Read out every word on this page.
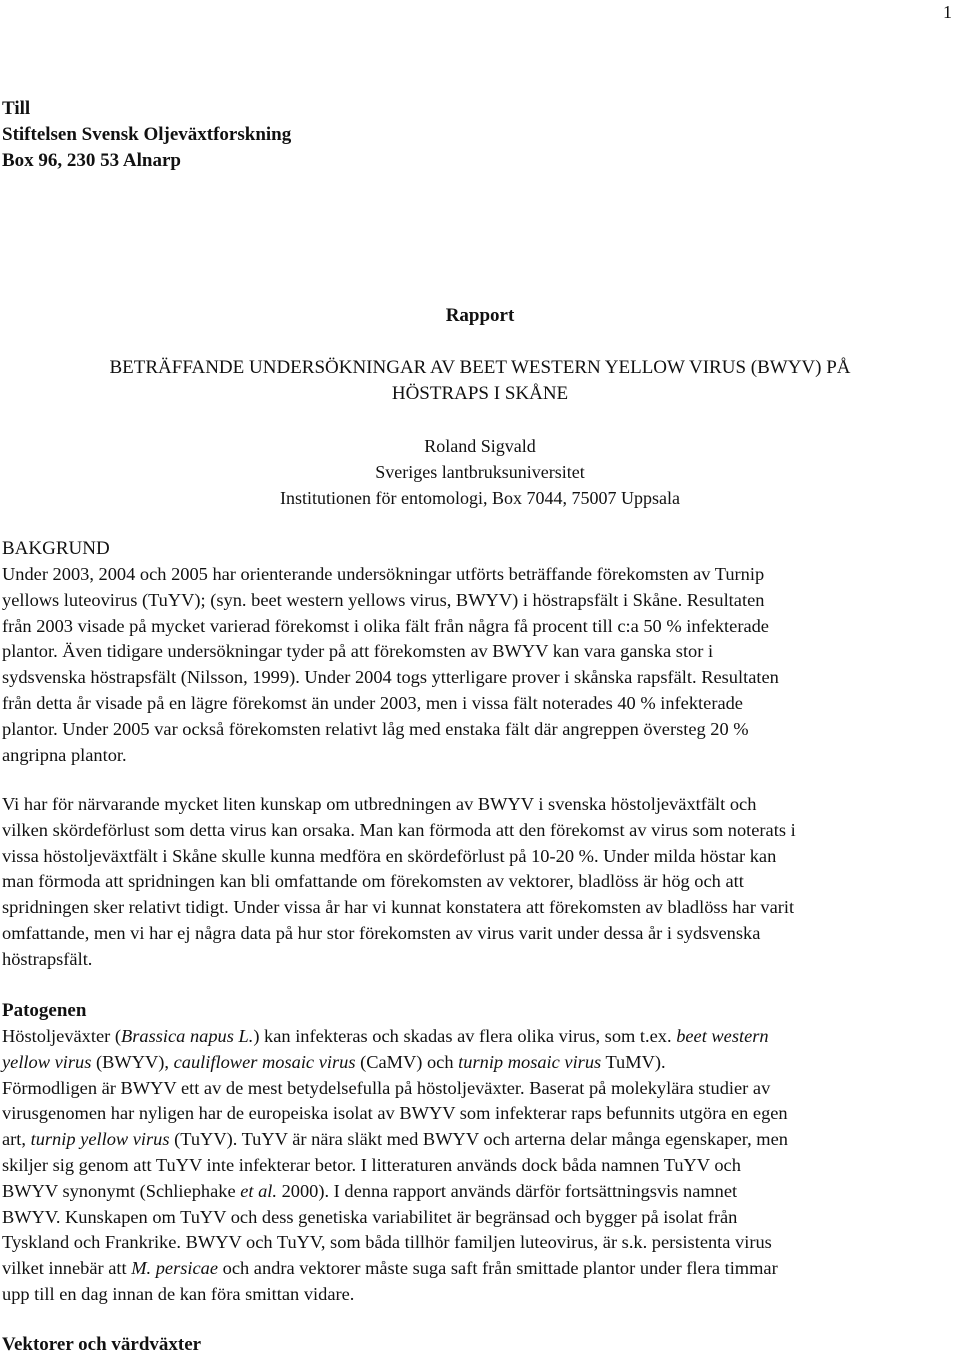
1
Till
Stiftelsen Svensk Oljeväxtforskning
Box 96, 230 53 Alnarp
Rapport
BETRÄFFANDE UNDERSÖKNINGAR AV BEET WESTERN YELLOW VIRUS (BWYV) PÅ
HÖSTRAPS I SKÅNE
Roland Sigvald
Sveriges lantbruksuniversitet
Institutionen för entomologi, Box 7044, 75007 Uppsala
BAKGRUND
Under 2003, 2004 och 2005 har orienterande undersökningar utförts beträffande förekomsten av Turnip
yellows luteovirus (TuYV); (syn. beet western yellows virus, BWYV) i höstrapsfält i Skåne. Resultaten
från 2003 visade på mycket varierad förekomst i olika fält från några få procent till c:a 50 % infekterade
plantor. Även tidigare undersökningar tyder på att förekomsten av BWYV kan vara ganska stor i
sydsvenska höstrapsfält (Nilsson, 1999). Under 2004 togs ytterligare prover i skånska rapsfält. Resultaten
från detta år visade på en lägre förekomst än under 2003, men i vissa fält noterades 40 % infekterade
plantor. Under 2005 var också förekomsten relativt låg med enstaka fält där angreppen översteg 20 %
angripna plantor.
Vi har för närvarande mycket liten kunskap om utbredningen av BWYV i svenska höstoljeväxtfält och
vilken skördeförlust som detta virus kan orsaka. Man kan förmoda att den förekomst av virus som noterats i
vissa höstoljeväxtfält i Skåne skulle kunna medföra en skördeförlust på 10-20 %. Under milda höstar kan
man förmoda att spridningen kan bli omfattande om förekomsten av vektorer, bladlöss är hög och att
spridningen sker relativt tidigt. Under vissa år har vi kunnat konstatera att förekomsten av bladlöss har varit
omfattande, men vi har ej några data på hur stor förekomsten av virus varit under dessa år i sydsvenska
höstrapsfält.
Patogenen
Höstoljeväxter (Brassica napus L.) kan infekteras och skadas av flera olika virus, som t.ex. beet western
yellow virus (BWYV), cauliflower mosaic virus (CaMV) och turnip mosaic virus TuMV).
Förmodligen är BWYV ett av de mest betydelsefulla på höstoljeväxter. Baserat på molekylära studier av
virusgenomen har nyligen har de europeiska isolat av BWYV som infekterar raps befunnits utgöra en egen
art, turnip yellow virus (TuYV). TuYV är nära släkt med BWYV och arterna delar många egenskaper, men
skiljer sig genom att TuYV inte infekterar betor. I litteraturen används dock båda namnen TuYV och
BWYV synonymt (Schliephake et al. 2000). I denna rapport används därför fortsättningsvis namnet
BWYV. Kunskapen om TuYV och dess genetiska variabilitet är begränsad och bygger på isolat från
Tyskland och Frankrike. BWYV och TuYV, som båda tillhör familjen luteovirus, är s.k. persistenta virus
vilket innebär att M. persicae och andra vektorer måste suga saft från smittade plantor under flera timmar
upp till en dag innan de kan föra smittan vidare.
Vektorer och värdväxter
